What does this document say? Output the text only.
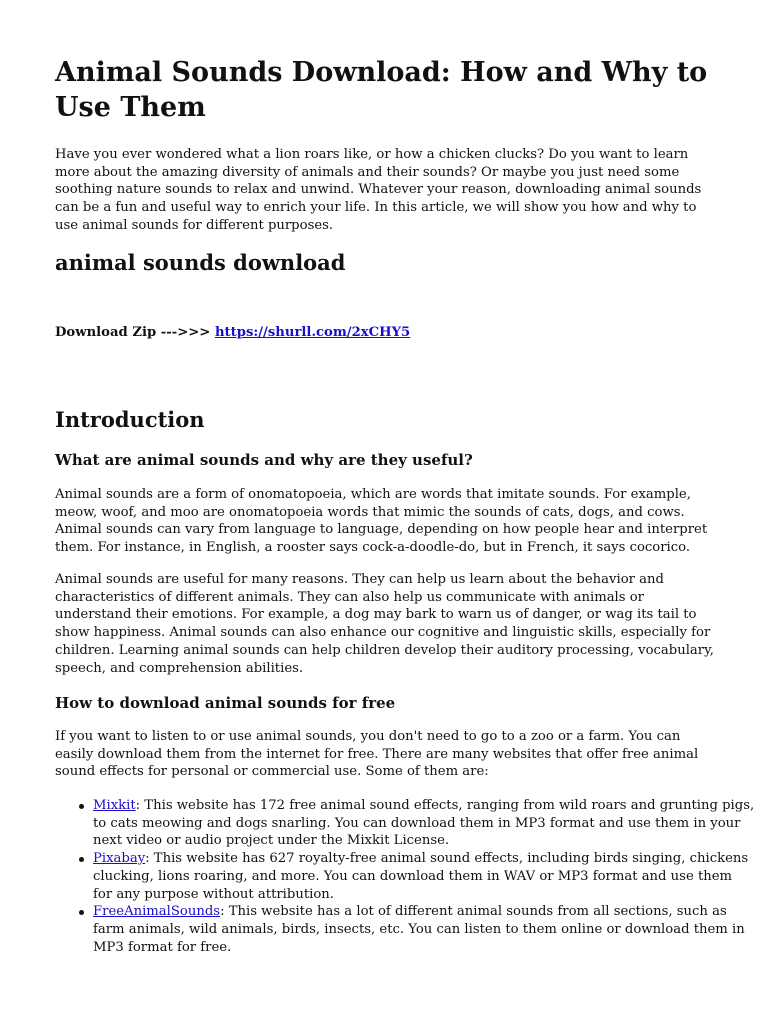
Animal Sounds Download: How and Why to Use Them

Have you ever wondered what a lion roars like, or how a chicken clucks? Do you want to learn more about the amazing diversity of animals and their sounds? Or maybe you just need some soothing nature sounds to relax and unwind. Whatever your reason, downloading animal sounds can be a fun and useful way to enrich your life. In this article, we will show you how and why to use animal sounds for different purposes.

animal sounds download
Download Zip --->>> https://shurll.com/2xCHY5
Introduction
What are animal sounds and why are they useful?

Animal sounds are a form of onomatopoeia, which are words that imitate sounds. For example, meow, woof, and moo are onomatopoeia words that mimic the sounds of cats, dogs, and cows. Animal sounds can vary from language to language, depending on how people hear and interpret them. For instance, in English, a rooster says cock-a-doodle-do, but in French, it says cocorico.

Animal sounds are useful for many reasons. They can help us learn about the behavior and characteristics of different animals. They can also help us communicate with animals or understand their emotions. For example, a dog may bark to warn us of danger, or wag its tail to show happiness. Animal sounds can also enhance our cognitive and linguistic skills, especially for children. Learning animal sounds can help children develop their auditory processing, vocabulary, speech, and comprehension abilities.

How to download animal sounds for free

If you want to listen to or use animal sounds, you don't need to go to a zoo or a farm. You can easily download them from the internet for free. There are many websites that offer free animal sound effects for personal or commercial use. Some of them are:

Mixkit: This website has 172 free animal sound effects, ranging from wild roars and grunting pigs, to cats meowing and dogs snarling. You can download them in MP3 format and use them in your next video or audio project under the Mixkit License.
Pixabay: This website has 627 royalty-free animal sound effects, including birds singing, chickens clucking, lions roaring, and more. You can download them in WAV or MP3 format and use them for any purpose without attribution.
FreeAnimalSounds: This website has a lot of different animal sounds from all sections, such as farm animals, wild animals, birds, insects, etc. You can listen to them online or download them in MP3 format for free.
